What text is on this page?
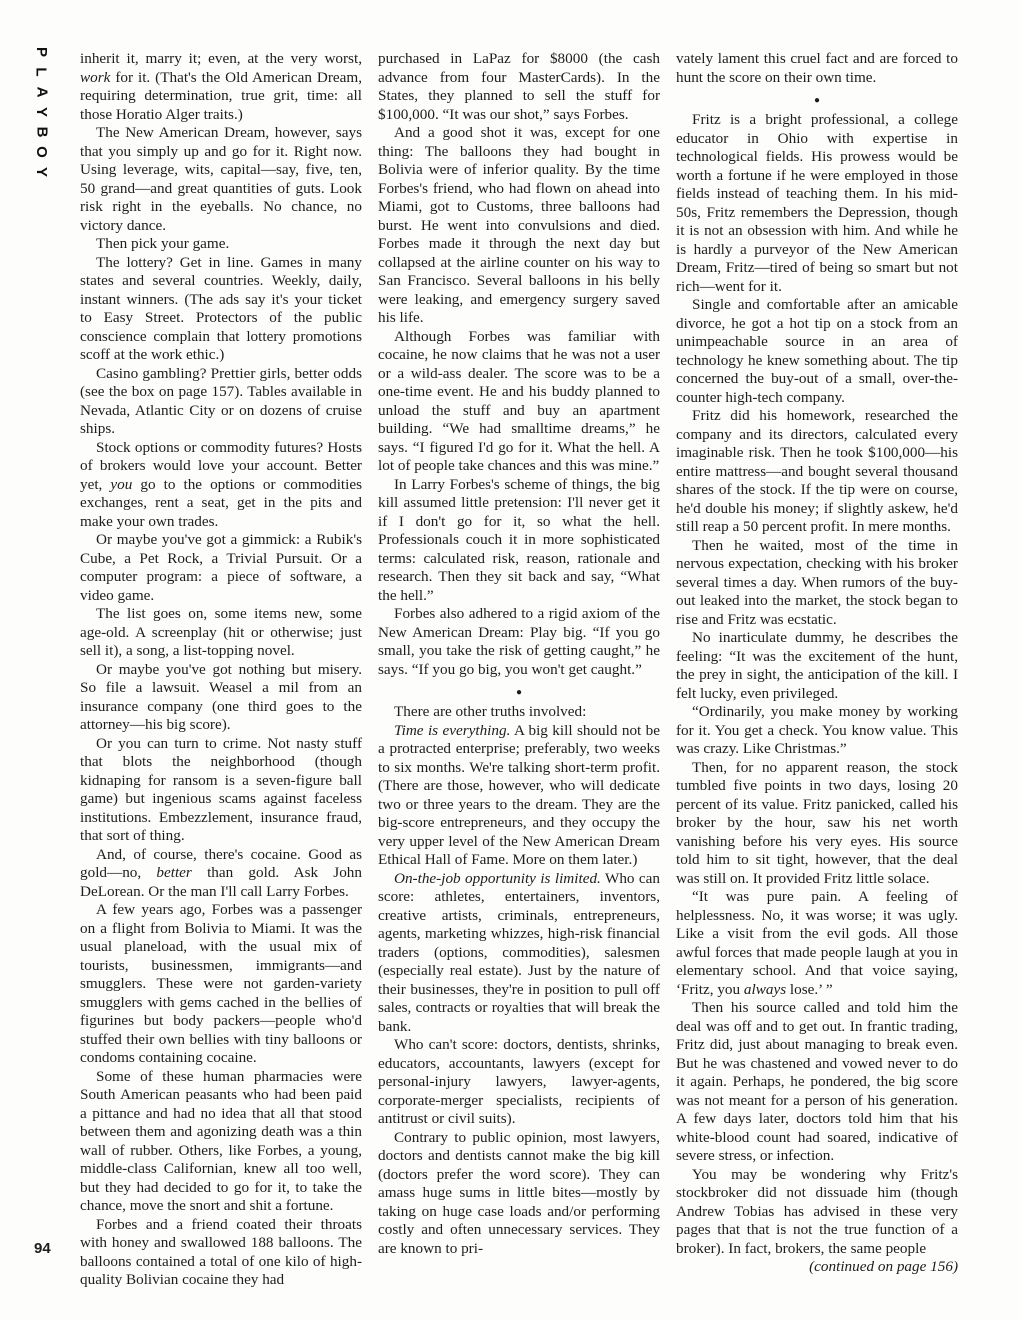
P
L
A
Y
B
O
Y
94

inherit it, marry it; even, at the very worst, work for it. (That's the Old American Dream, requiring determination, true grit, time: all those Horatio Alger traits.)

The New American Dream, however, says that you simply up and go for it. Right now. Using leverage, wits, capital—say, five, ten, 50 grand—and great quantities of guts. Look risk right in the eyeballs. No chance, no victory dance.

Then pick your game.

The lottery? Get in line. Games in many states and several countries. Weekly, daily, instant winners. (The ads say it's your ticket to Easy Street. Protectors of the public conscience complain that lottery promotions scoff at the work ethic.)

Casino gambling? Prettier girls, better odds (see the box on page 157). Tables available in Nevada, Atlantic City or on dozens of cruise ships.

Stock options or commodity futures? Hosts of brokers would love your account. Better yet, you go to the options or commodities exchanges, rent a seat, get in the pits and make your own trades.

Or maybe you've got a gimmick: a Rubik's Cube, a Pet Rock, a Trivial Pursuit. Or a computer program: a piece of software, a video game.

The list goes on, some items new, some age-old. A screenplay (hit or otherwise; just sell it), a song, a list-topping novel.

Or maybe you've got nothing but misery. So file a lawsuit. Weasel a mil from an insurance company (one third goes to the attorney—his big score).

Or you can turn to crime. Not nasty stuff that blots the neighborhood (though kidnaping for ransom is a seven-figure ball game) but ingenious scams against faceless institutions. Embezzlement, insurance fraud, that sort of thing.

And, of course, there's cocaine. Good as gold—no, better than gold. Ask John DeLorean. Or the man I'll call Larry Forbes.

A few years ago, Forbes was a passenger on a flight from Bolivia to Miami. It was the usual planeload, with the usual mix of tourists, businessmen, immigrants—and smugglers. These were not garden-variety smugglers with gems cached in the bellies of figurines but body packers—people who'd stuffed their own bellies with tiny balloons or condoms containing cocaine.

Some of these human pharmacies were South American peasants who had been paid a pittance and had no idea that all that stood between them and agonizing death was a thin wall of rubber. Others, like Forbes, a young, middle-class Californian, knew all too well, but they had decided to go for it, to take the chance, move the snort and shit a fortune.

Forbes and a friend coated their throats with honey and swallowed 188 balloons. The balloons contained a total of one kilo of high-quality Bolivian cocaine they had

purchased in LaPaz for $8000 (the cash advance from four MasterCards). In the States, they planned to sell the stuff for $100,000. “It was our shot,” says Forbes.

And a good shot it was, except for one thing: The balloons they had bought in Bolivia were of inferior quality. By the time Forbes's friend, who had flown on ahead into Miami, got to Customs, three balloons had burst. He went into convulsions and died. Forbes made it through the next day but collapsed at the airline counter on his way to San Francisco. Several balloons in his belly were leaking, and emergency surgery saved his life.

Although Forbes was familiar with cocaine, he now claims that he was not a user or a wild-ass dealer. The score was to be a one-time event. He and his buddy planned to unload the stuff and buy an apartment building. “We had smalltime dreams,” he says. “I figured I'd go for it. What the hell. A lot of people take chances and this was mine.”

In Larry Forbes's scheme of things, the big kill assumed little pretension: I'll never get it if I don't go for it, so what the hell. Professionals couch it in more sophisticated terms: calculated risk, reason, rationale and research. Then they sit back and say, “What the hell.”

Forbes also adhered to a rigid axiom of the New American Dream: Play big. “If you go small, you take the risk of getting caught,” he says. “If you go big, you won't get caught.”

●

There are other truths involved:

Time is everything. A big kill should not be a protracted enterprise; preferably, two weeks to six months. We're talking short-term profit. (There are those, however, who will dedicate two or three years to the dream. They are the big-score entrepreneurs, and they occupy the very upper level of the New American Dream Ethical Hall of Fame. More on them later.)

On-the-job opportunity is limited. Who can score: athletes, entertainers, inventors, creative artists, criminals, entrepreneurs, agents, marketing whizzes, high-risk financial traders (options, commodities), salesmen (especially real estate). Just by the nature of their businesses, they're in position to pull off sales, contracts or royalties that will break the bank.

Who can't score: doctors, dentists, shrinks, educators, accountants, lawyers (except for personal-injury lawyers, lawyer-agents, corporate-merger specialists, recipients of antitrust or civil suits).

Contrary to public opinion, most lawyers, doctors and dentists cannot make the big kill (doctors prefer the word score). They can amass huge sums in little bites—mostly by taking on huge case loads and/or performing costly and often unnecessary services. They are known to pri-

vately lament this cruel fact and are forced to hunt the score on their own time.

●

Fritz is a bright professional, a college educator in Ohio with expertise in technological fields. His prowess would be worth a fortune if he were employed in those fields instead of teaching them. In his mid-50s, Fritz remembers the Depression, though it is not an obsession with him. And while he is hardly a purveyor of the New American Dream, Fritz—tired of being so smart but not rich—went for it.

Single and comfortable after an amicable divorce, he got a hot tip on a stock from an unimpeachable source in an area of technology he knew something about. The tip concerned the buy-out of a small, over-the-counter high-tech company.

Fritz did his homework, researched the company and its directors, calculated every imaginable risk. Then he took $100,000—his entire mattress—and bought several thousand shares of the stock. If the tip were on course, he'd double his money; if slightly askew, he'd still reap a 50 percent profit. In mere months.

Then he waited, most of the time in nervous expectation, checking with his broker several times a day. When rumors of the buy-out leaked into the market, the stock began to rise and Fritz was ecstatic.

No inarticulate dummy, he describes the feeling: “It was the excitement of the hunt, the prey in sight, the anticipation of the kill. I felt lucky, even privileged.

“Ordinarily, you make money by working for it. You get a check. You know value. This was crazy. Like Christmas.”

Then, for no apparent reason, the stock tumbled five points in two days, losing 20 percent of its value. Fritz panicked, called his broker by the hour, saw his net worth vanishing before his very eyes. His source told him to sit tight, however, that the deal was still on. It provided Fritz little solace.

“It was pure pain. A feeling of helplessness. No, it was worse; it was ugly. Like a visit from the evil gods. All those awful forces that made people laugh at you in elementary school. And that voice saying, ‘Fritz, you always lose.’ ”

Then his source called and told him the deal was off and to get out. In frantic trading, Fritz did, just about managing to break even. But he was chastened and vowed never to do it again. Perhaps, he pondered, the big score was not meant for a person of his generation. A few days later, doctors told him that his white-blood count had soared, indicative of severe stress, or infection.

You may be wondering why Fritz's stockbroker did not dissuade him (though Andrew Tobias has advised in these very pages that that is not the true function of a broker). In fact, brokers, the same people

(continued on page 156)
